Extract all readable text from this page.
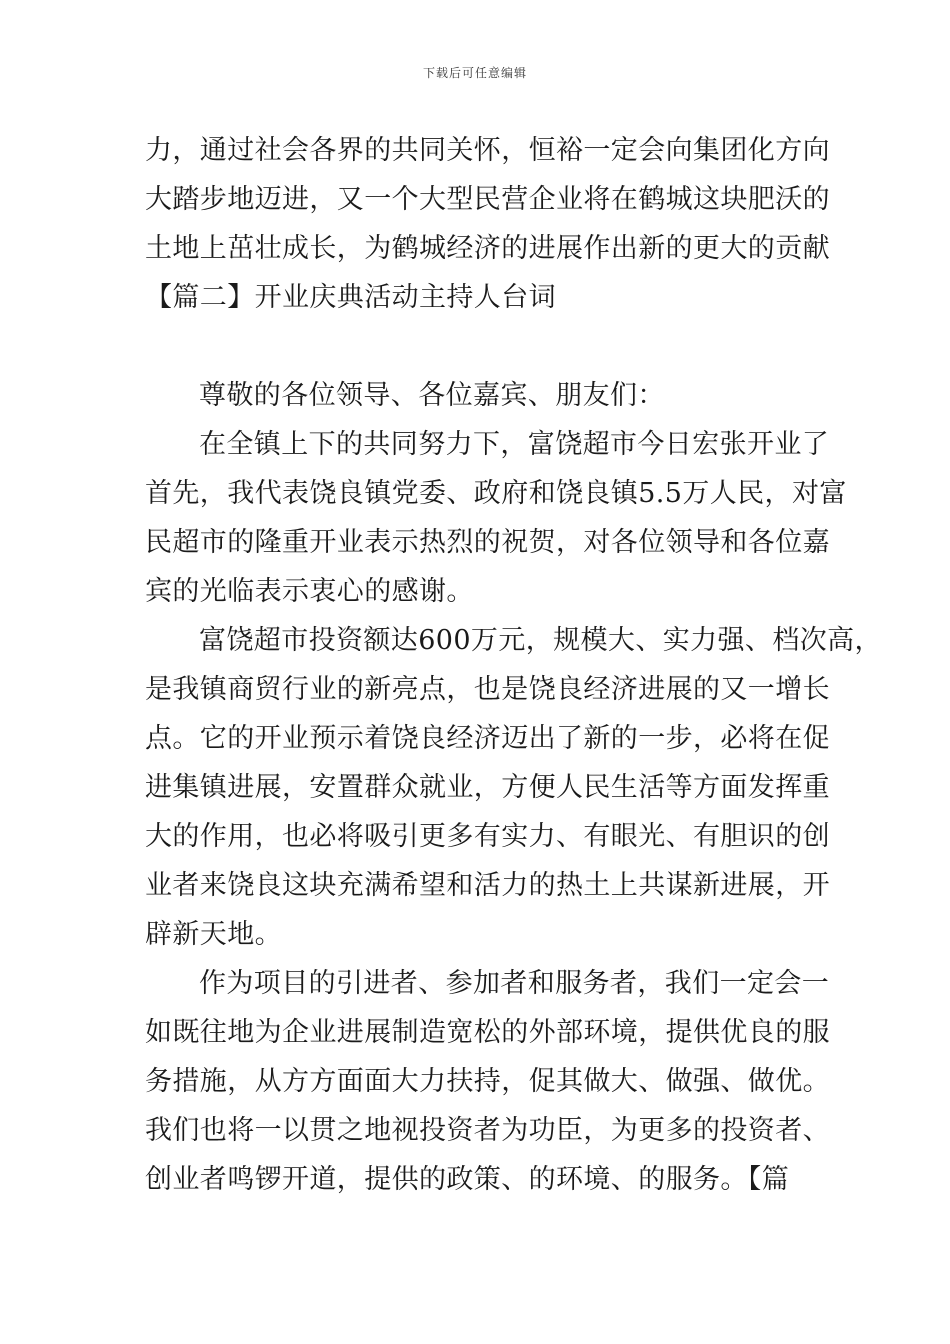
下载后可任意编辑
力，通过社会各界的共同关怀，恒裕一定会向集团化方向
大踏步地迈进，又一个大型民营企业将在鹤城这块肥沃的
土地上茁壮成长，为鹤城经济的进展作出新的更大的贡献
【篇二】开业庆典活动主持人台词
尊敬的各位领导、各位嘉宾、朋友们：
在全镇上下的共同努力下，富饶超市今日宏张开业了
首先，我代表饶良镇党委、政府和饶良镇5.5万人民，对富
民超市的隆重开业表示热烈的祝贺，对各位领导和各位嘉
宾的光临表示衷心的感谢。
富饶超市投资额达600万元，规模大、实力强、档次高，
是我镇商贸行业的新亮点，也是饶良经济进展的又一增长
点。它的开业预示着饶良经济迈出了新的一步，必将在促
进集镇进展，安置群众就业，方便人民生活等方面发挥重
大的作用，也必将吸引更多有实力、有眼光、有胆识的创
业者来饶良这块充满希望和活力的热土上共谋新进展，开
辟新天地。
作为项目的引进者、参加者和服务者，我们一定会一
如既往地为企业进展制造宽松的外部环境，提供优良的服
务措施，从方方面面大力扶持，促其做大、做强、做优。
我们也将一以贯之地视投资者为功臣，为更多的投资者、
创业者鸣锣开道，提供的政策、的环境、的服务。【篇
